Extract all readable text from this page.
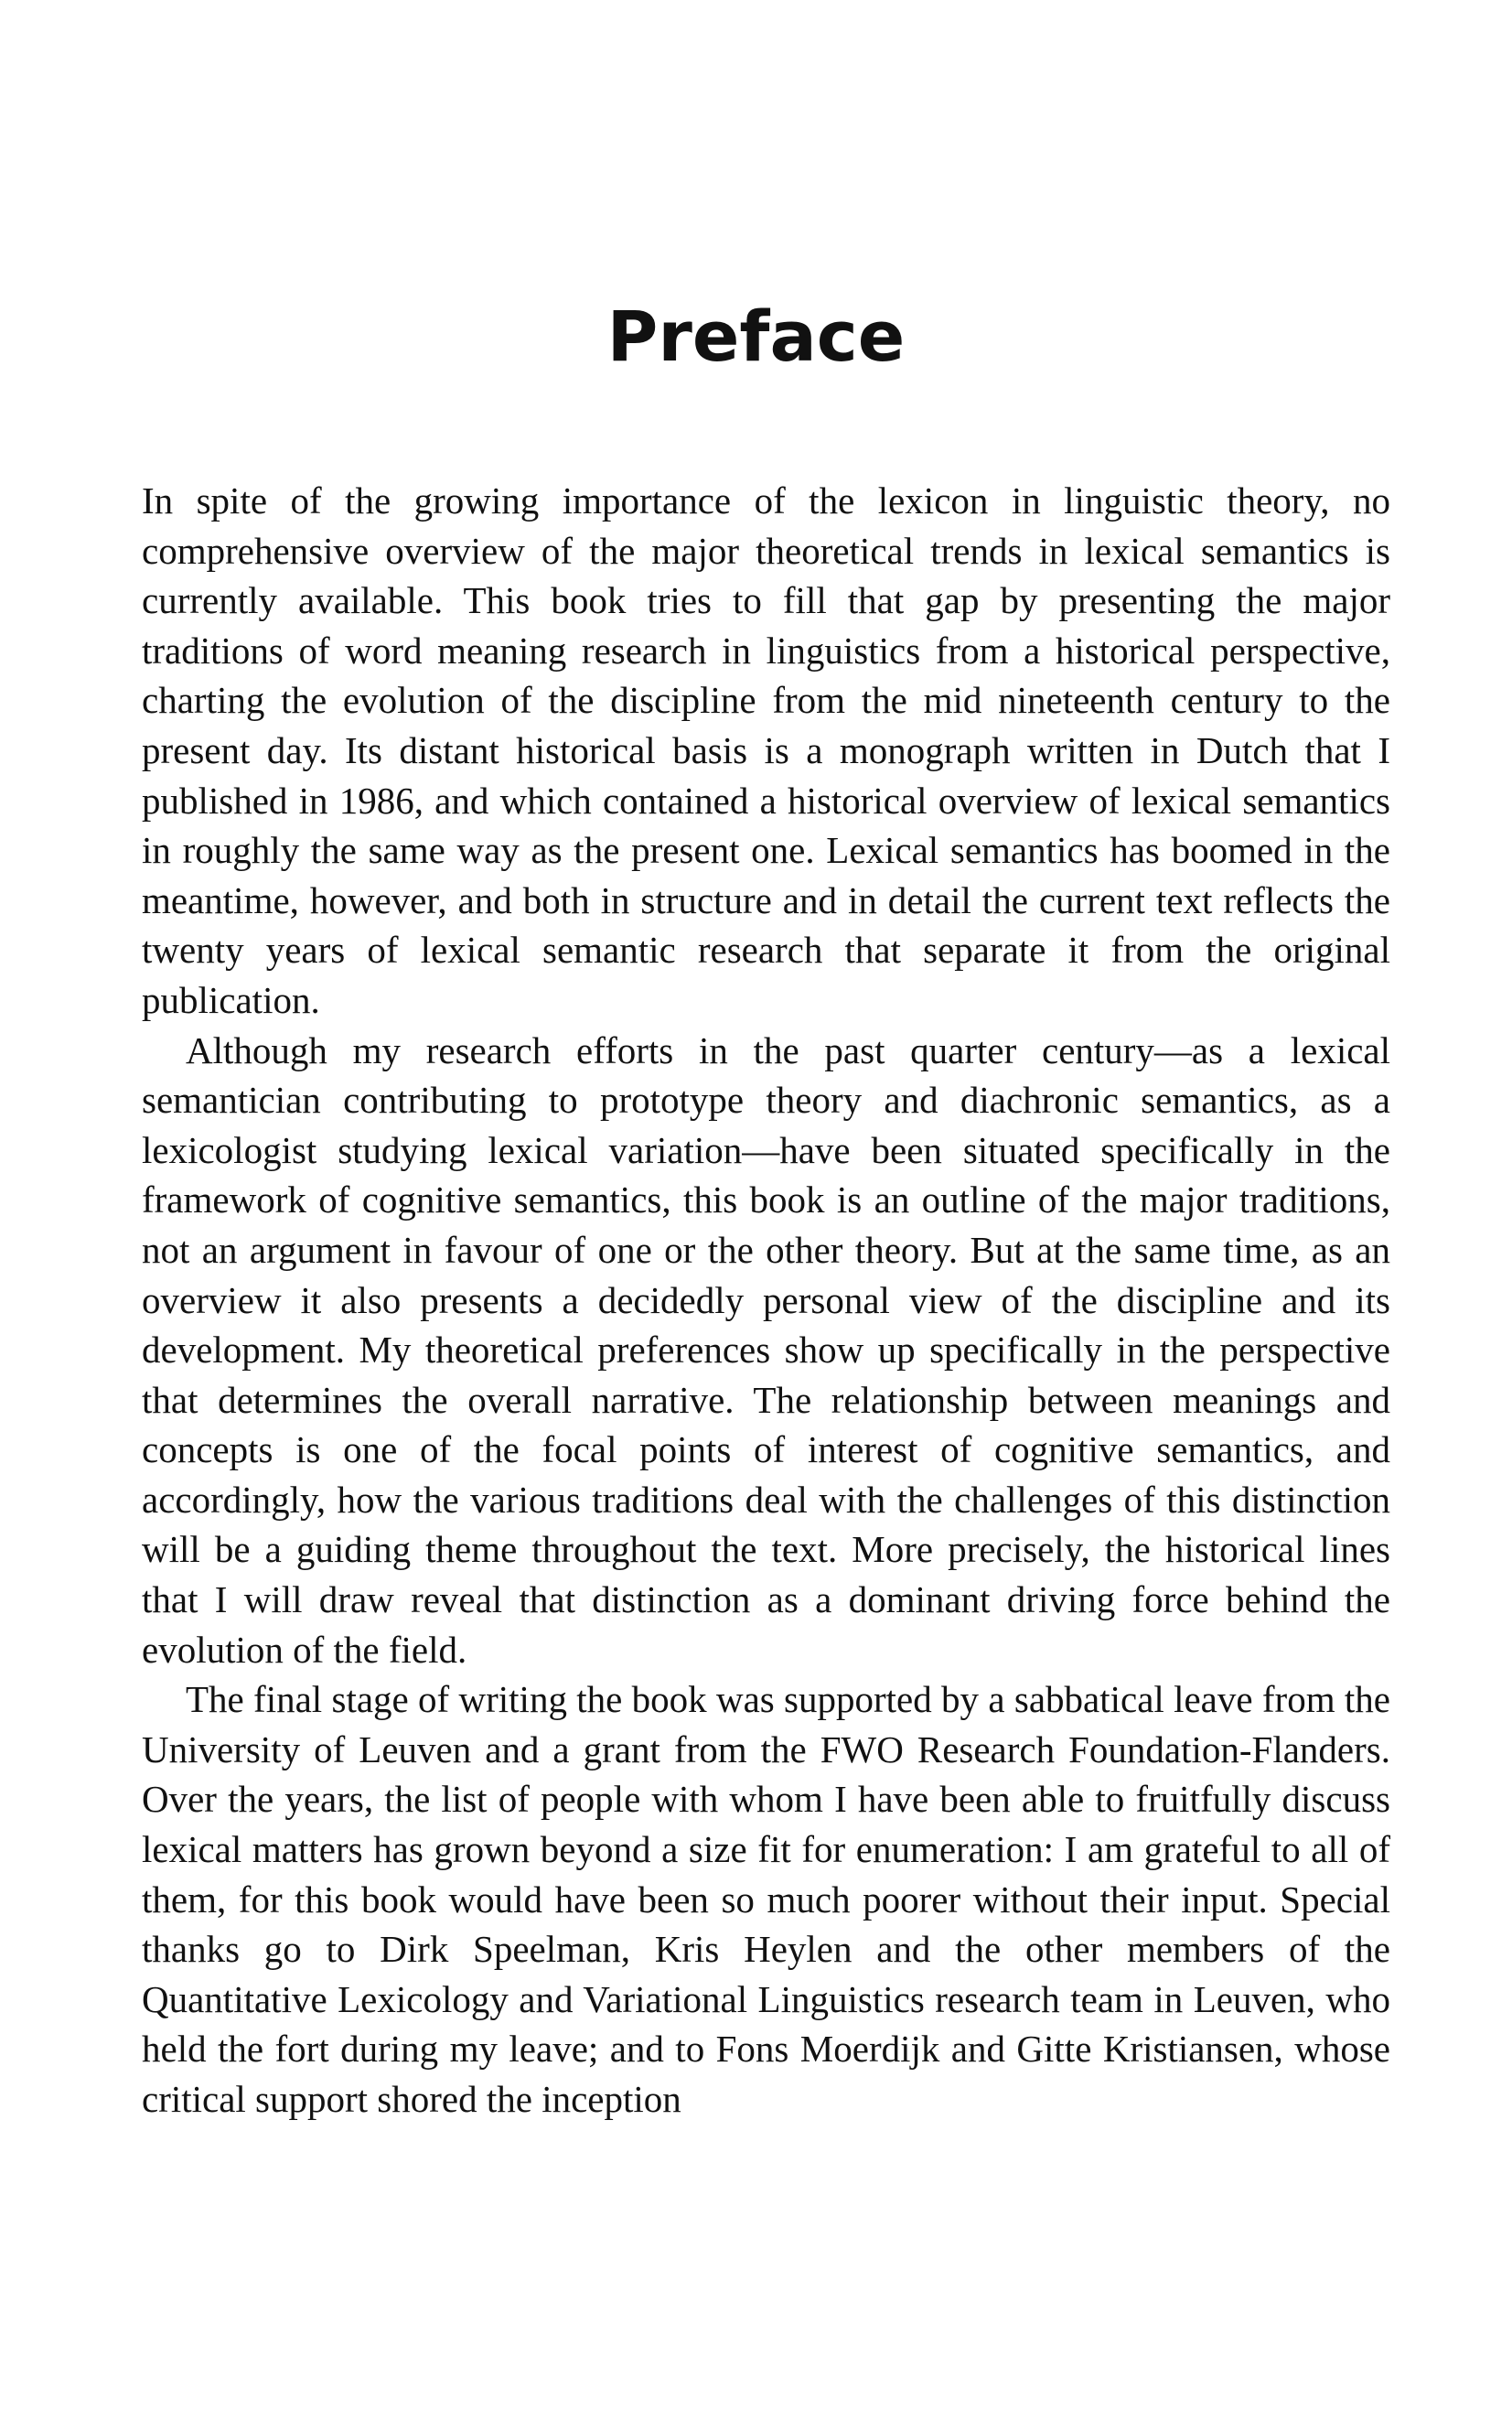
Preface

In spite of the growing importance of the lexicon in linguistic theory, no comprehensive overview of the major theoretical trends in lexical semantics is currently available. This book tries to fill that gap by presenting the major traditions of word meaning research in linguistics from a historical perspective, charting the evolution of the discipline from the mid nineteenth century to the present day. Its distant historical basis is a monograph written in Dutch that I published in 1986, and which contained a historical overview of lexical semantics in roughly the same way as the present one. Lexical semantics has boomed in the meantime, however, and both in structure and in detail the current text reflects the twenty years of lexical semantic research that separate it from the original publication.

Although my research efforts in the past quarter century—as a lexical semantician contributing to prototype theory and diachronic semantics, as a lexicologist studying lexical variation—have been situated specifically in the framework of cognitive semantics, this book is an outline of the major traditions, not an argument in favour of one or the other theory. But at the same time, as an overview it also presents a decidedly personal view of the discipline and its development. My theoretical preferences show up specifically in the perspective that determines the overall narrative. The relationship between meanings and concepts is one of the focal points of interest of cognitive semantics, and accordingly, how the various traditions deal with the challenges of this distinction will be a guiding theme throughout the text. More precisely, the historical lines that I will draw reveal that distinction as a dominant driving force behind the evolution of the field.

The final stage of writing the book was supported by a sabbatical leave from the University of Leuven and a grant from the FWO Research Foundation-Flanders. Over the years, the list of people with whom I have been able to fruitfully discuss lexical matters has grown beyond a size fit for enumeration: I am grateful to all of them, for this book would have been so much poorer without their input. Special thanks go to Dirk Speelman, Kris Heylen and the other members of the Quantitative Lexicology and Variational Linguistics research team in Leuven, who held the fort during my leave; and to Fons Moerdijk and Gitte Kristiansen, whose critical support shored the inception
